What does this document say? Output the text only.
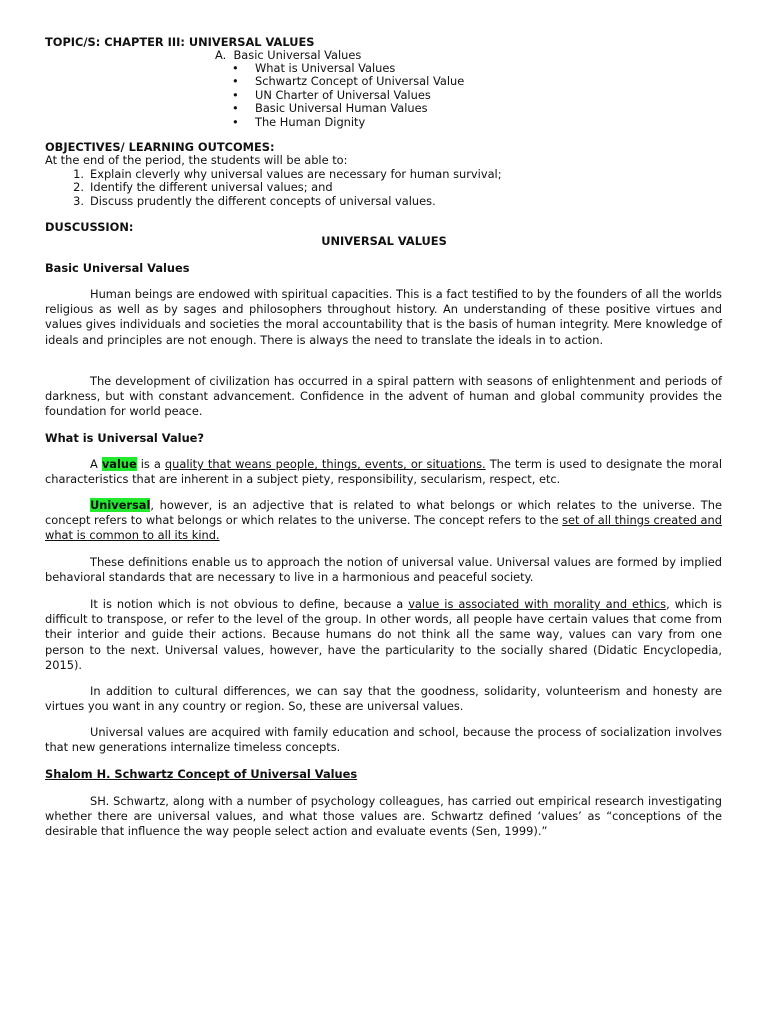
TOPIC/S: CHAPTER III: UNIVERSAL VALUES

A. Basic Universal Values

• What is Universal Values
• Schwartz Concept of Universal Value
• UN Charter of Universal Values
• Basic Universal Human Values
• The Human Dignity

OBJECTIVES/ LEARNING OUTCOMES:

At the end of the period, the students will be able to:

1. Explain cleverly why universal values are necessary for human survival;
2. Identify the different universal values; and
3. Discuss prudently the different concepts of universal values.

DUSCUSSION:

UNIVERSAL VALUES

Basic Universal Values

Human beings are endowed with spiritual capacities. This is a fact testified to by the founders of all the worlds religious as well as by sages and philosophers throughout history. An understanding of these positive virtues and values gives individuals and societies the moral accountability that is the basis of human integrity. Mere knowledge of ideals and principles are not enough. There is always the need to translate the ideals in to action.

The development of civilization has occurred in a spiral pattern with seasons of enlightenment and periods of darkness, but with constant advancement. Confidence in the advent of human and global community provides the foundation for world peace.

What is Universal Value?

A value is a quality that weans people, things, events, or situations. The term is used to designate the moral characteristics that are inherent in a subject piety, responsibility, secularism, respect, etc.

Universal, however, is an adjective that is related to what belongs or which relates to the universe. The concept refers to what belongs or which relates to the universe. The concept refers to the set of all things created and what is common to all its kind.

These definitions enable us to approach the notion of universal value. Universal values are formed by implied behavioral standards that are necessary to live in a harmonious and peaceful society.

It is notion which is not obvious to define, because a value is associated with morality and ethics, which is difficult to transpose, or refer to the level of the group. In other words, all people have certain values that come from their interior and guide their actions. Because humans do not think all the same way, values can vary from one person to the next. Universal values, however, have the particularity to the socially shared (Didatic Encyclopedia, 2015).

In addition to cultural differences, we can say that the goodness, solidarity, volunteerism and honesty are virtues you want in any country or region. So, these are universal values.

Universal values are acquired with family education and school, because the process of socialization involves that new generations internalize timeless concepts.

Shalom H. Schwartz Concept of Universal Values

SH. Schwartz, along with a number of psychology colleagues, has carried out empirical research investigating whether there are universal values, and what those values are. Schwartz defined ‘values’ as “conceptions of the desirable that influence the way people select action and evaluate events (Sen, 1999).”
